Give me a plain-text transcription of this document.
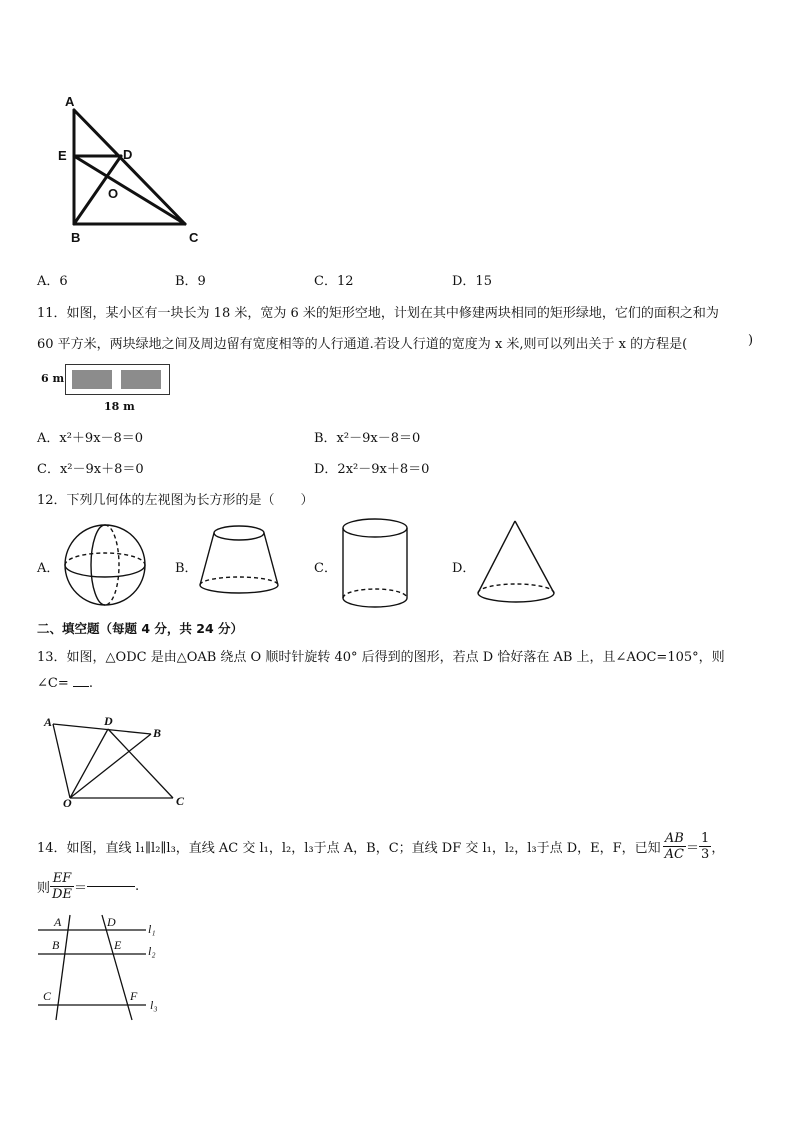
A
E	D
O
B	C
A．6	B．9	C．12	D．15
11．如图，某小区有一块长为 18 米，宽为 6 米的矩形空地，计划在其中修建两块相同的矩形绿地，它们的面积之和为
60 平方米，两块绿地之间及周边留有宽度相等的人行通道.若设人行道的宽度为 x 米,则可以列出关于 x 的方程是(	)
6 m
18 m
A．x²＋9x－8＝0	B．x²－9x－8＝0
C．x²－9x＋8＝0	D．2x²－9x＋8＝0
12．下列几何体的左视图为长方形的是（　　）
A．	B．	C．	D．
二、填空题（每题 4 分，共 24 分）
13．如图，△ODC 是由△OAB 绕点 O 顺时针旋转 40° 后得到的图形，若点 D 恰好落在 AB 上，且∠AOC=105°，则
∠C= .
A	D
B
O	C
14．如图，直线 l₁∥l₂∥l₃，直线 AC 交 l₁，l₂，l₃于点 A，B，C；直线 DF 交 l₁，l₂，l₃于点 D，E，F，已知 $\frac{AB}{AC} = \frac{1}{3}$ ，
则 $\frac{EF}{DE}$ ＝	.
A	D
B	E
C	F
l₁
l₂
l₃
